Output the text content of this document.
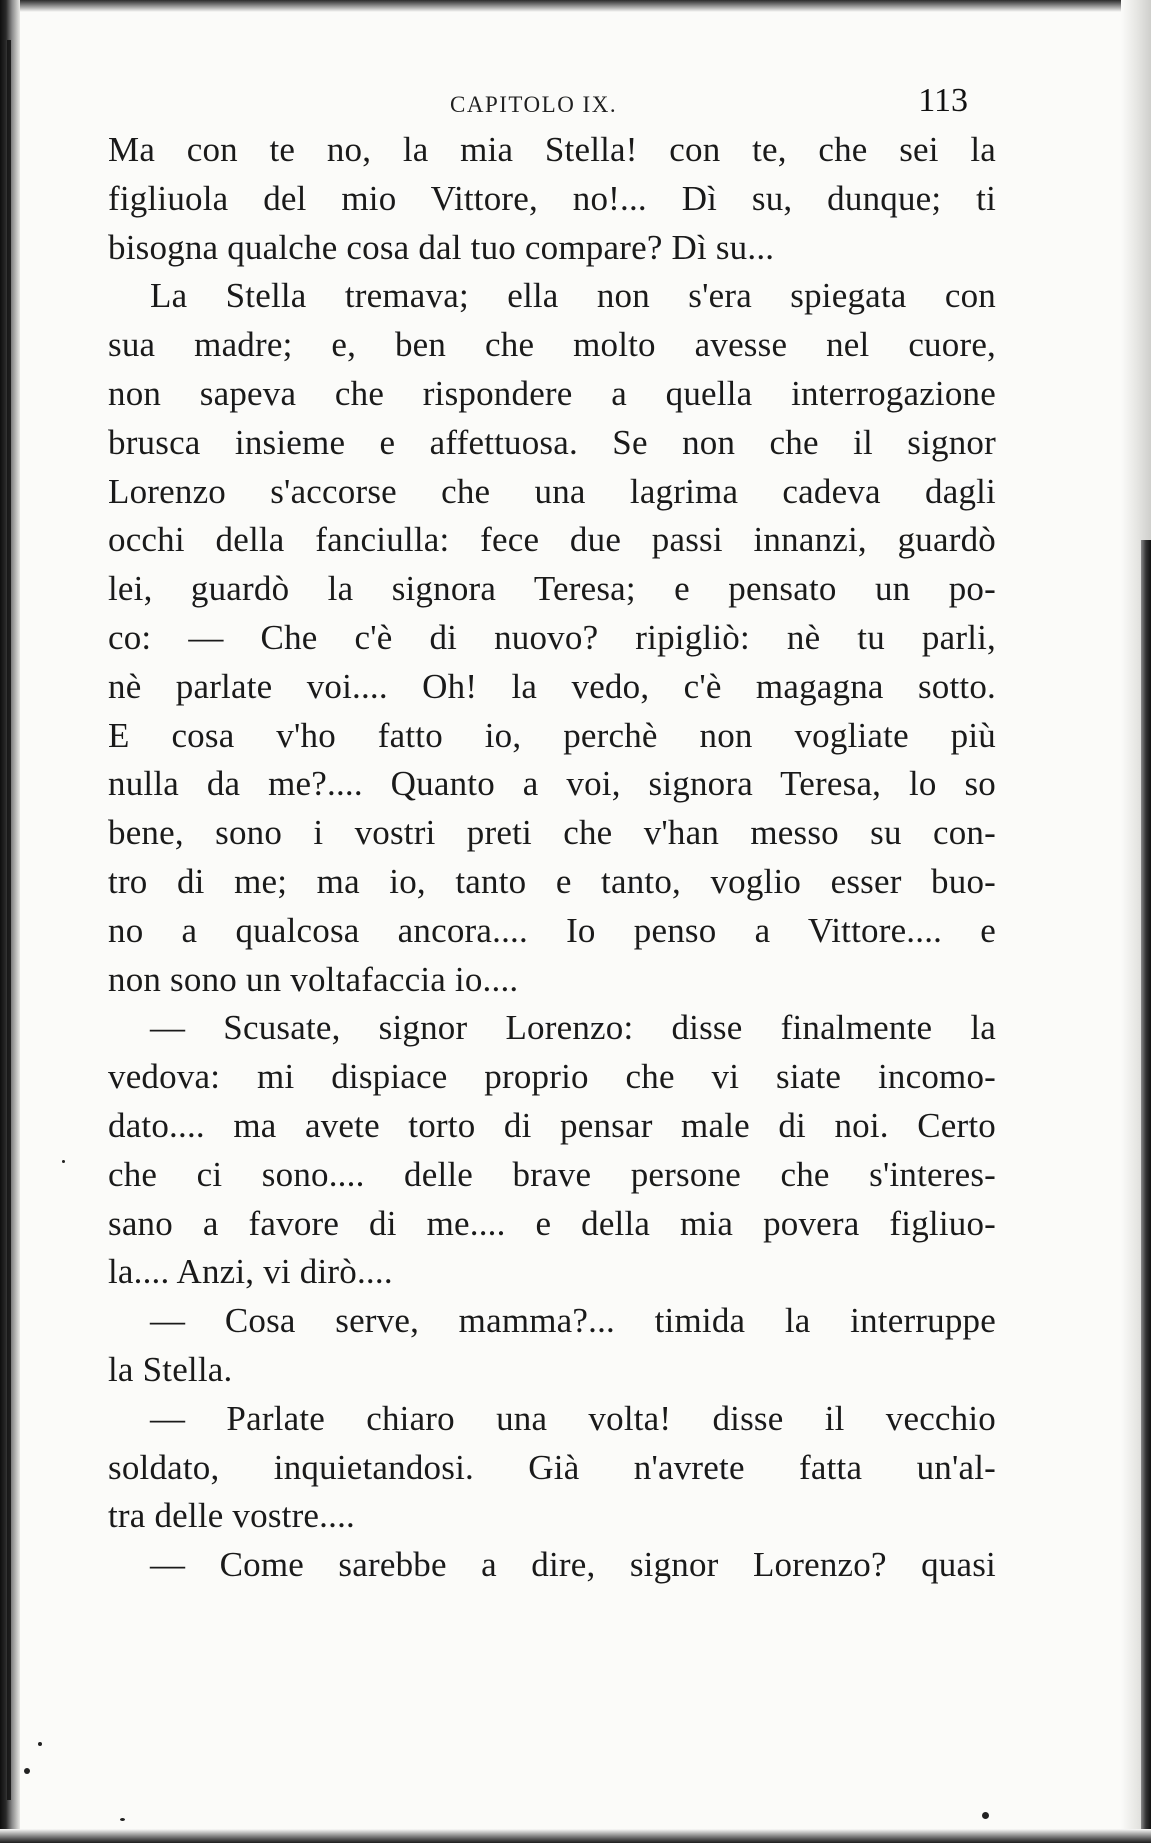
CAPITOLO IX.	113
Ma con te no, la mia Stella! con te, che sei la
figliuola del mio Vittore, no!... Dì su, dunque; ti
bisogna qualche cosa dal tuo compare? Dì su...
La Stella tremava; ella non s'era spiegata con
sua madre; e, ben che molto avesse nel cuore,
non sapeva che rispondere a quella interrogazione
brusca insieme e affettuosa. Se non che il signor
Lorenzo s'accorse che una lagrima cadeva dagli
occhi della fanciulla: fece due passi innanzi, guardò
lei, guardò la signora Teresa; e pensato un po-
co: — Che c'è di nuovo? ripigliò: nè tu parli,
nè parlate voi.... Oh! la vedo, c'è magagna sotto.
E cosa v'ho fatto io, perchè non vogliate più
nulla da me?.... Quanto a voi, signora Teresa, lo so
bene, sono i vostri preti che v'han messo su con-
tro di me; ma io, tanto e tanto, voglio esser buo-
no a qualcosa ancora.... Io penso a Vittore.... e
non sono un voltafaccia io....
— Scusate, signor Lorenzo: disse finalmente la
vedova: mi dispiace proprio che vi siate incomo-
dato.... ma avete torto di pensar male di noi. Certo
che ci sono.... delle brave persone che s'interes-
sano a favore di me.... e della mia povera figliuo-
la.... Anzi, vi dirò....
— Cosa serve, mamma?... timida la interruppe
la Stella.
— Parlate chiaro una volta! disse il vecchio
soldato, inquietandosi. Già n'avrete fatta un'al-
tra delle vostre....
— Come sarebbe a dire, signor Lorenzo? quasi
